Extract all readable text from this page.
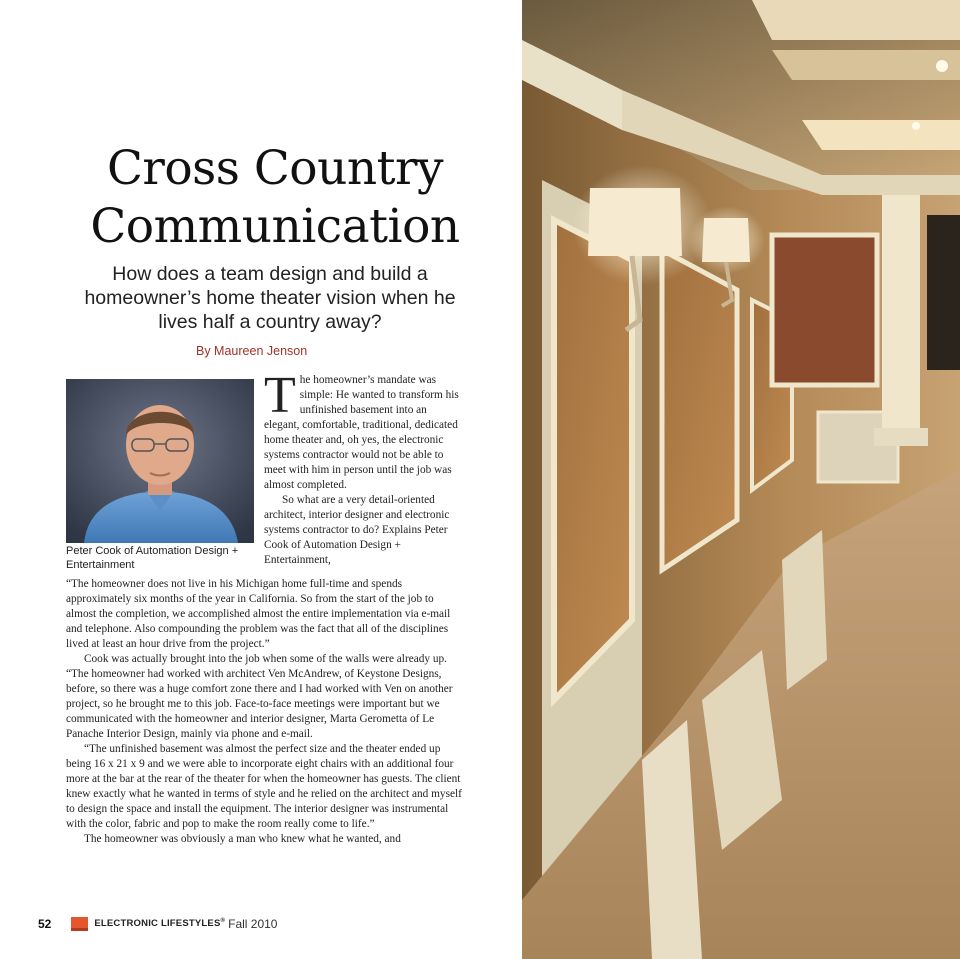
Cross Country
Communication
How does a team design and build a homeowner’s home theater vision when he lives half a country away?
By Maureen Jenson
Peter Cook of Automation Design + Entertainment
T he homeowner’s mandate was simple: He wanted to transform his unfinished basement into an elegant, comfortable, traditional, dedicated home theater and, oh yes, the electronic systems contractor would not be able to meet with him in person until the job was almost completed.

So what are a very detail-oriented architect, interior designer and electronic systems contractor to do? Explains Peter Cook of Automation Design + Entertainment,

“The homeowner does not live in his Michigan home full-time and spends approximately six months of the year in California. So from the start of the job to almost the completion, we accomplished almost the entire implementation via e-mail and telephone. Also compounding the problem was the fact that all of the disciplines lived at least an hour drive from the project.”

Cook was actually brought into the job when some of the walls were already up. “The homeowner had worked with architect Ven McAndrew, of Keystone Designs, before, so there was a huge comfort zone there and I had worked with Ven on another project, so he brought me to this job. Face-to-face meetings were important but we communicated with the homeowner and interior designer, Marta Gerometta of Le Panache Interior Design, mainly via phone and e-mail.

“The unfinished basement was almost the perfect size and the theater ended up being 16 x 21 x 9 and we were able to incorporate eight chairs with an additional four more at the bar at the rear of the theater for when the homeowner has guests. The client knew exactly what he wanted in terms of style and he relied on the architect and myself to design the space and install the equipment. The interior designer was instrumental with the color, fabric and pop to make the room really come to life.”

The homeowner was obviously a man who knew what he wanted, and

52	ELECTRONIC LIFESTYLES® Fall 2010
